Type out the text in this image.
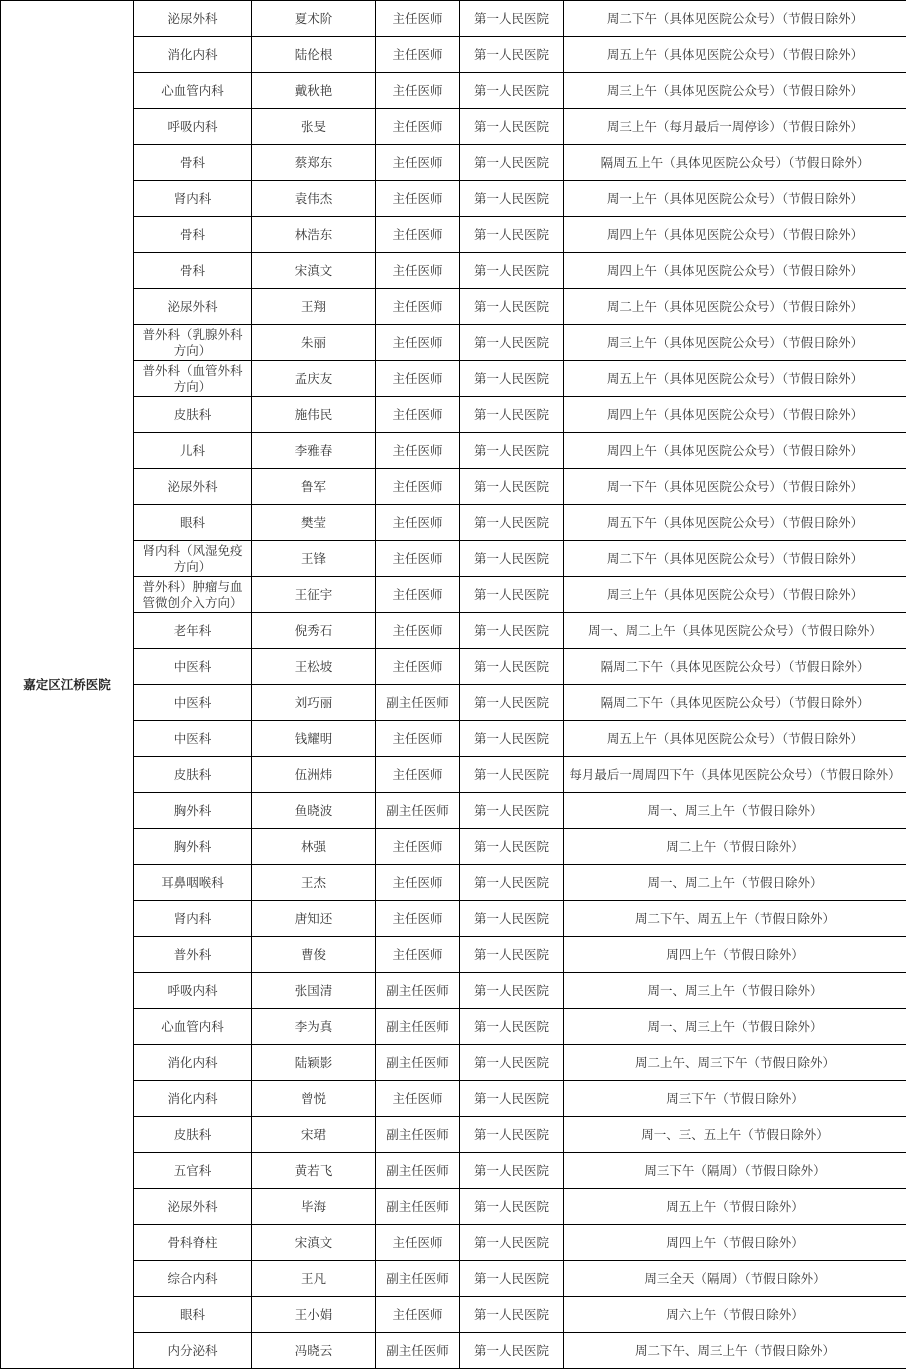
嘉定区江桥医院	泌尿外科	夏术阶	主任医师	第一人民医院	周二下午（具体见医院公众号）（节假日除外）
	消化内科	陆伦根	主任医师	第一人民医院	周五上午（具体见医院公众号）（节假日除外）
	心血管内科	戴秋艳	主任医师	第一人民医院	周三上午（具体见医院公众号）（节假日除外）
	呼吸内科	张旻	主任医师	第一人民医院	周三上午（每月最后一周停诊）（节假日除外）
	骨科	蔡郑东	主任医师	第一人民医院	隔周五上午（具体见医院公众号）（节假日除外）
	肾内科	袁伟杰	主任医师	第一人民医院	周一上午（具体见医院公众号）（节假日除外）
	骨科	林浩东	主任医师	第一人民医院	周四上午（具体见医院公众号）（节假日除外）
	骨科	宋滇文	主任医师	第一人民医院	周四上午（具体见医院公众号）（节假日除外）
	泌尿外科	王翔	主任医师	第一人民医院	周二上午（具体见医院公众号）（节假日除外）
	普外科（乳腺外科方向）	朱丽	主任医师	第一人民医院	周三上午（具体见医院公众号）（节假日除外）
	普外科（血管外科方向）	孟庆友	主任医师	第一人民医院	周五上午（具体见医院公众号）（节假日除外）
	皮肤科	施伟民	主任医师	第一人民医院	周四上午（具体见医院公众号）（节假日除外）
	儿科	李雅春	主任医师	第一人民医院	周四上午（具体见医院公众号）（节假日除外）
	泌尿外科	鲁军	主任医师	第一人民医院	周一下午（具体见医院公众号）（节假日除外）
	眼科	樊莹	主任医师	第一人民医院	周五下午（具体见医院公众号）（节假日除外）
	肾内科（风湿免疫方向）	王锋	主任医师	第一人民医院	周二下午（具体见医院公众号）（节假日除外）
	普外科）肿瘤与血管微创介入方向）	王征宇	主任医师	第一人民医院	周三上午（具体见医院公众号）（节假日除外）
	老年科	倪秀石	主任医师	第一人民医院	周一、周二上午（具体见医院公众号）（节假日除外）
	中医科	王松坡	主任医师	第一人民医院	隔周二下午（具体见医院公众号）（节假日除外）
	中医科	刘巧丽	副主任医师	第一人民医院	隔周二下午（具体见医院公众号）（节假日除外）
	中医科	钱耀明	主任医师	第一人民医院	周五上午（具体见医院公众号）（节假日除外）
	皮肤科	伍洲炜	主任医师	第一人民医院	每月最后一周周四下午（具体见医院公众号）（节假日除外）
	胸外科	鱼晓波	副主任医师	第一人民医院	周一、周三上午（节假日除外）
	胸外科	林强	主任医师	第一人民医院	周二上午（节假日除外）
	耳鼻咽喉科	王杰	主任医师	第一人民医院	周一、周二上午（节假日除外）
	肾内科	唐知还	主任医师	第一人民医院	周二下午、周五上午（节假日除外）
	普外科	曹俊	主任医师	第一人民医院	周四上午（节假日除外）
	呼吸内科	张国清	副主任医师	第一人民医院	周一、周三上午（节假日除外）
	心血管内科	李为真	副主任医师	第一人民医院	周一、周三上午（节假日除外）
	消化内科	陆颖影	副主任医师	第一人民医院	周二上午、周三下午（节假日除外）
	消化内科	曾悦	主任医师	第一人民医院	周三下午（节假日除外）
	皮肤科	宋珺	副主任医师	第一人民医院	周一、三、五上午（节假日除外）
	五官科	黄若飞	副主任医师	第一人民医院	周三下午（隔周）（节假日除外）
	泌尿外科	毕海	副主任医师	第一人民医院	周五上午（节假日除外）
	骨科脊柱	宋滇文	主任医师	第一人民医院	周四上午（节假日除外）
	综合内科	王凡	副主任医师	第一人民医院	周三全天（隔周）（节假日除外）
	眼科	王小娟	主任医师	第一人民医院	周六上午（节假日除外）
	内分泌科	冯晓云	副主任医师	第一人民医院	周二下午、周三上午（节假日除外）
